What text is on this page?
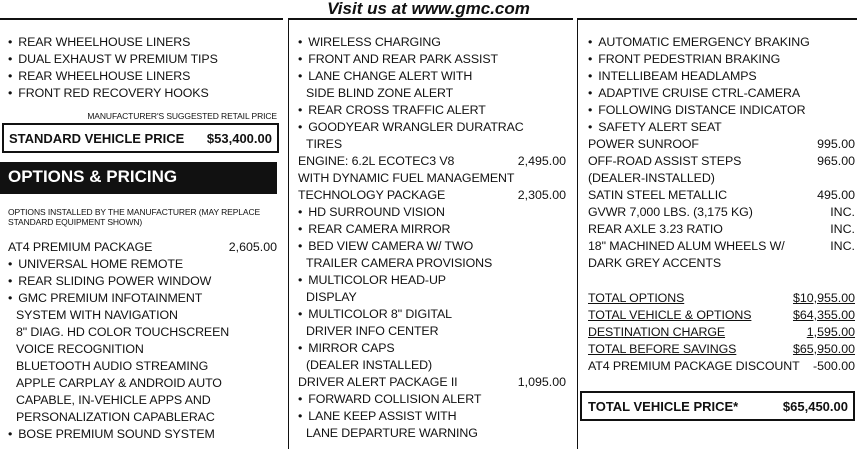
Visit us at www.gmc.com
• REAR WHEELHOUSE LINERS
• DUAL EXHAUST W PREMIUM TIPS
• REAR WHEELHOUSE LINERS
• FRONT RED RECOVERY HOOKS
MANUFACTURER'S SUGGESTED RETAIL PRICE
STANDARD VEHICLE PRICE $53,400.00
OPTIONS & PRICING
OPTIONS INSTALLED BY THE MANUFACTURER (MAY REPLACE
STANDARD EQUIPMENT SHOWN)
AT4 PREMIUM PACKAGE	2,605.00
• UNIVERSAL HOME REMOTE
• REAR SLIDING POWER WINDOW
• GMC PREMIUM INFOTAINMENT
SYSTEM WITH NAVIGATION
8" DIAG. HD COLOR TOUCHSCREEN
VOICE RECOGNITION
BLUETOOTH AUDIO STREAMING
APPLE CARPLAY & ANDROID AUTO
CAPABLE, IN-VEHICLE APPS AND
PERSONALIZATION CAPABLERAC
• BOSE PREMIUM SOUND SYSTEM
• WIRELESS CHARGING
• FRONT AND REAR PARK ASSIST
• LANE CHANGE ALERT WITH
SIDE BLIND ZONE ALERT
• REAR CROSS TRAFFIC ALERT
• GOODYEAR WRANGLER DURATRAC
TIRES
ENGINE: 6.2L ECOTEC3 V8	2,495.00
WITH DYNAMIC FUEL MANAGEMENT
TECHNOLOGY PACKAGE	2,305.00
• HD SURROUND VISION
• REAR CAMERA MIRROR
• BED VIEW CAMERA W/ TWO
TRAILER CAMERA PROVISIONS
• MULTICOLOR HEAD-UP
DISPLAY
• MULTICOLOR 8" DIGITAL
DRIVER INFO CENTER
• MIRROR CAPS
(DEALER INSTALLED)
DRIVER ALERT PACKAGE II	1,095.00
• FORWARD COLLISION ALERT
• LANE KEEP ASSIST WITH
LANE DEPARTURE WARNING
• AUTOMATIC EMERGENCY BRAKING
• FRONT PEDESTRIAN BRAKING
• INTELLIBEAM HEADLAMPS
• ADAPTIVE CRUISE CTRL-CAMERA
• FOLLOWING DISTANCE INDICATOR
• SAFETY ALERT SEAT
POWER SUNROOF	995.00
OFF-ROAD ASSIST STEPS	965.00
(DEALER-INSTALLED)
SATIN STEEL METALLIC	495.00
GVWR 7,000 LBS. (3,175 KG)	INC.
REAR AXLE 3.23 RATIO	INC.
18" MACHINED ALUM WHEELS W/	INC.
DARK GREY ACCENTS
TOTAL OPTIONS	$10,955.00
TOTAL VEHICLE & OPTIONS	$64,355.00
DESTINATION CHARGE	1,595.00
TOTAL BEFORE SAVINGS	$65,950.00
AT4 PREMIUM PACKAGE DISCOUNT -500.00
TOTAL VEHICLE PRICE*	$65,450.00
